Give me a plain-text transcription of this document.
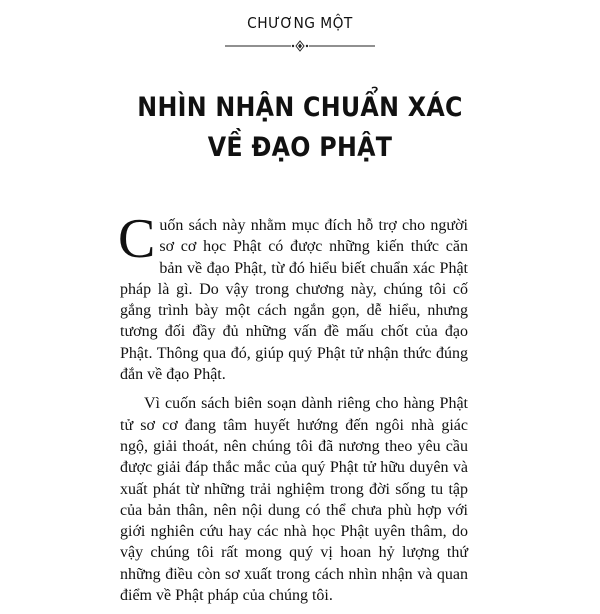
CHƯƠNG MỘT
NHÌN NHẬN CHUẨN XÁC
VỀ ĐẠO PHẬT

Cuốn sách này nhằm mục đích hỗ trợ cho người sơ cơ học Phật có được những kiến thức căn bản về đạo Phật, từ đó hiểu biết chuẩn xác Phật pháp là gì. Do vậy trong chương này, chúng tôi cố gắng trình bày một cách ngắn gọn, dễ hiểu, nhưng tương đối đầy đủ những vấn đề mấu chốt của đạo Phật. Thông qua đó, giúp quý Phật tử nhận thức đúng đắn về đạo Phật.

Vì cuốn sách biên soạn dành riêng cho hàng Phật tử sơ cơ đang tâm huyết hướng đến ngôi nhà giác ngộ, giải thoát, nên chúng tôi đã nương theo yêu cầu được giải đáp thắc mắc của quý Phật tử hữu duyên và xuất phát từ những trải nghiệm trong đời sống tu tập của bản thân, nên nội dung có thể chưa phù hợp với giới nghiên cứu hay các nhà học Phật uyên thâm, do vậy chúng tôi rất mong quý vị hoan hỷ lượng thứ những điều còn sơ xuất trong cách nhìn nhận và quan điểm về Phật pháp của chúng tôi.
